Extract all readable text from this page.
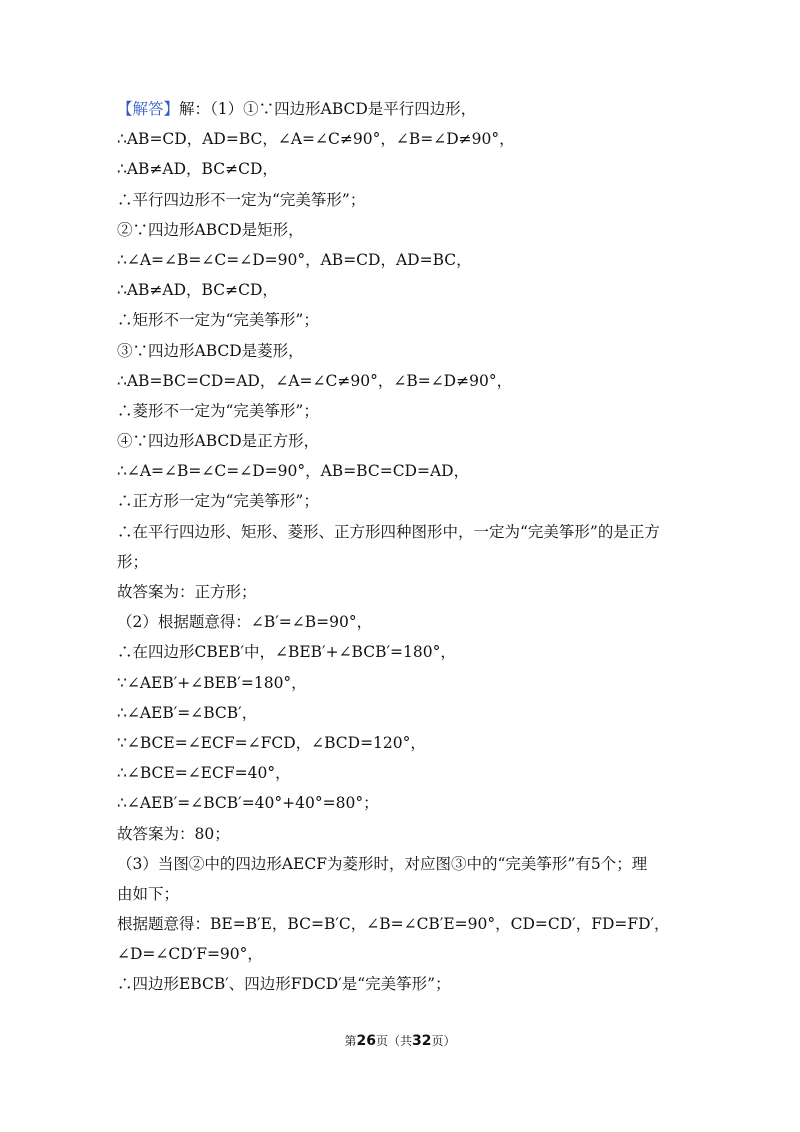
【解答】解：（1）①∵四边形ABCD是平行四边形，
∴AB=CD，AD=BC，∠A=∠C≠90°，∠B=∠D≠90°，
∴AB≠AD，BC≠CD，
∴平行四边形不一定为“完美筝形”；
②∵四边形ABCD是矩形，
∴∠A=∠B=∠C=∠D=90°，AB=CD，AD=BC，
∴AB≠AD，BC≠CD，
∴矩形不一定为“完美筝形”；
③∵四边形ABCD是菱形，
∴AB=BC=CD=AD，∠A=∠C≠90°，∠B=∠D≠90°，
∴菱形不一定为“完美筝形”；
④∵四边形ABCD是正方形，
∴∠A=∠B=∠C=∠D=90°，AB=BC=CD=AD，
∴正方形一定为“完美筝形”；
∴在平行四边形、矩形、菱形、正方形四种图形中，一定为“完美筝形”的是正方
形；
故答案为：正方形；
（2）根据题意得：∠B′=∠B=90°，
∴在四边形CBEB′中，∠BEB′+∠BCB′=180°，
∵∠AEB′+∠BEB′=180°，
∴∠AEB′=∠BCB′，
∵∠BCE=∠ECF=∠FCD，∠BCD=120°，
∴∠BCE=∠ECF=40°，
∴∠AEB′=∠BCB′=40°+40°=80°；
故答案为：80；
（3）当图②中的四边形AECF为菱形时，对应图③中的“完美筝形”有5个；理
由如下；
根据题意得：BE=B′E，BC=B′C，∠B=∠CB′E=90°，CD=CD′，FD=FD′，
∠D=∠CD′F=90°，
∴四边形EBCB′、四边形FDCD′是“完美筝形”；
第26页（共32页）
